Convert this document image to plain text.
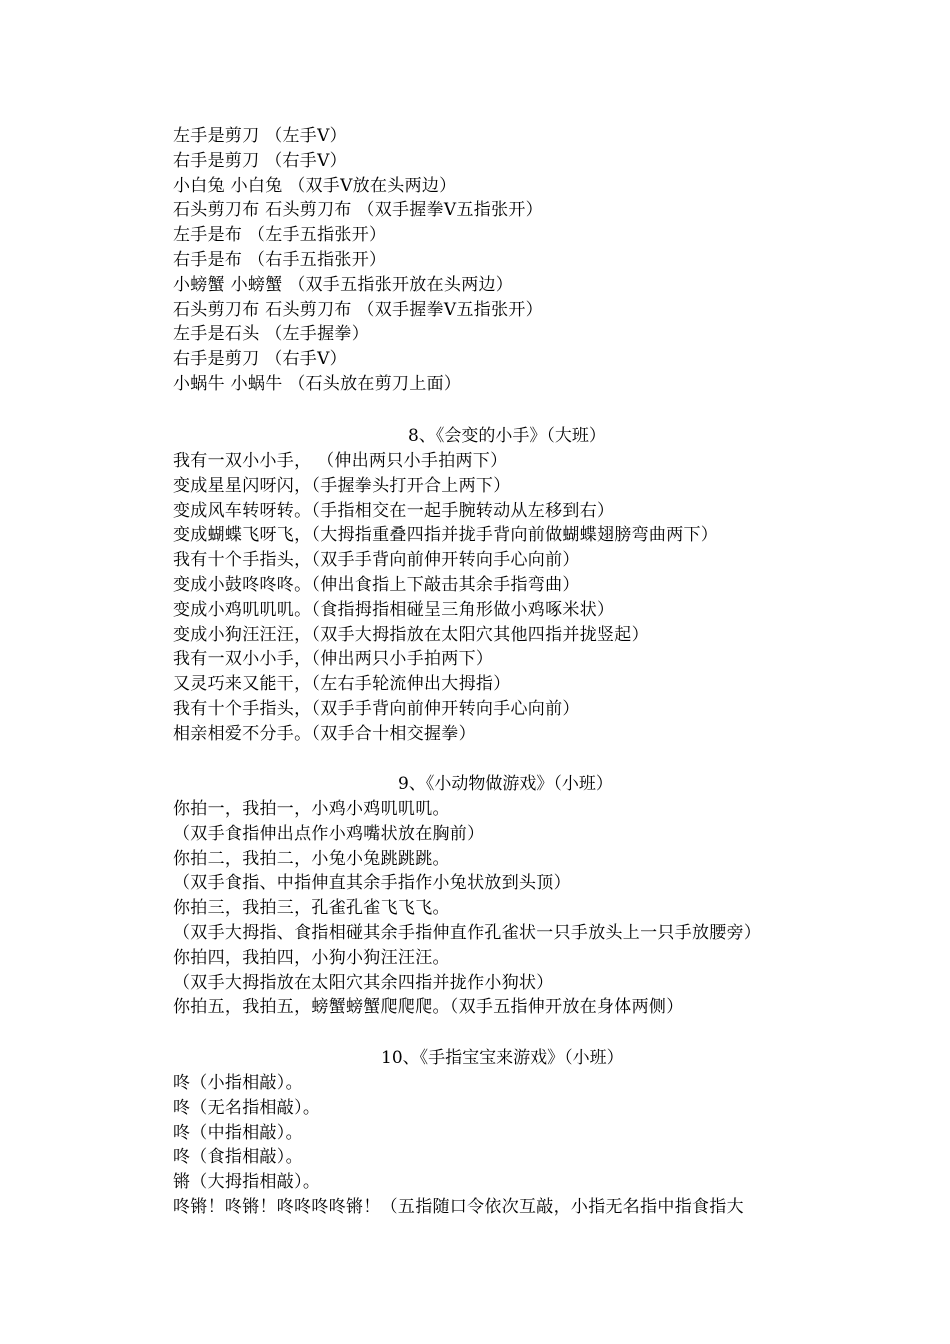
左手是剪刀 （左手V）
右手是剪刀 （右手V）
小白兔 小白兔 （双手V放在头两边）
石头剪刀布 石头剪刀布 （双手握拳V五指张开）
左手是布 （左手五指张开）
右手是布 （右手五指张开）
小螃蟹 小螃蟹 （双手五指张开放在头两边）
石头剪刀布 石头剪刀布 （双手握拳V五指张开）
左手是石头 （左手握拳）
右手是剪刀 （右手V）
小蜗牛 小蜗牛 （石头放在剪刀上面）
8、《会变的小手》（大班）
我有一双小小手， （伸出两只小手拍两下）
变成星星闪呀闪，（手握拳头打开合上两下）
变成风车转呀转。（手指相交在一起手腕转动从左移到右）
变成蝴蝶飞呀飞，（大拇指重叠四指并拢手背向前做蝴蝶翅膀弯曲两下）
我有十个手指头，（双手手背向前伸开转向手心向前）
变成小鼓咚咚咚。（伸出食指上下敲击其余手指弯曲）
变成小鸡叽叽叽。（食指拇指相碰呈三角形做小鸡啄米状）
变成小狗汪汪汪，（双手大拇指放在太阳穴其他四指并拢竖起）
我有一双小小手，（伸出两只小手拍两下）
又灵巧来又能干，（左右手轮流伸出大拇指）
我有十个手指头，（双手手背向前伸开转向手心向前）
相亲相爱不分手。（双手合十相交握拳）
9、《小动物做游戏》（小班）
你拍一，我拍一，小鸡小鸡叽叽叽。
（双手食指伸出点作小鸡嘴状放在胸前）
你拍二，我拍二，小兔小兔跳跳跳。
（双手食指、中指伸直其余手指作小兔状放到头顶）
你拍三，我拍三，孔雀孔雀飞飞飞。
（双手大拇指、食指相碰其余手指伸直作孔雀状一只手放头上一只手放腰旁）
你拍四，我拍四，小狗小狗汪汪汪。
（双手大拇指放在太阳穴其余四指并拢作小狗状）
你拍五，我拍五，螃蟹螃蟹爬爬爬。（双手五指伸开放在身体两侧）
10、《手指宝宝来游戏》（小班）
咚（小指相敲）。
咚（无名指相敲）。
咚（中指相敲）。
咚（食指相敲）。
锵（大拇指相敲）。
咚锵！咚锵！咚咚咚咚锵！（五指随口令依次互敲，小指无名指中指食指大
